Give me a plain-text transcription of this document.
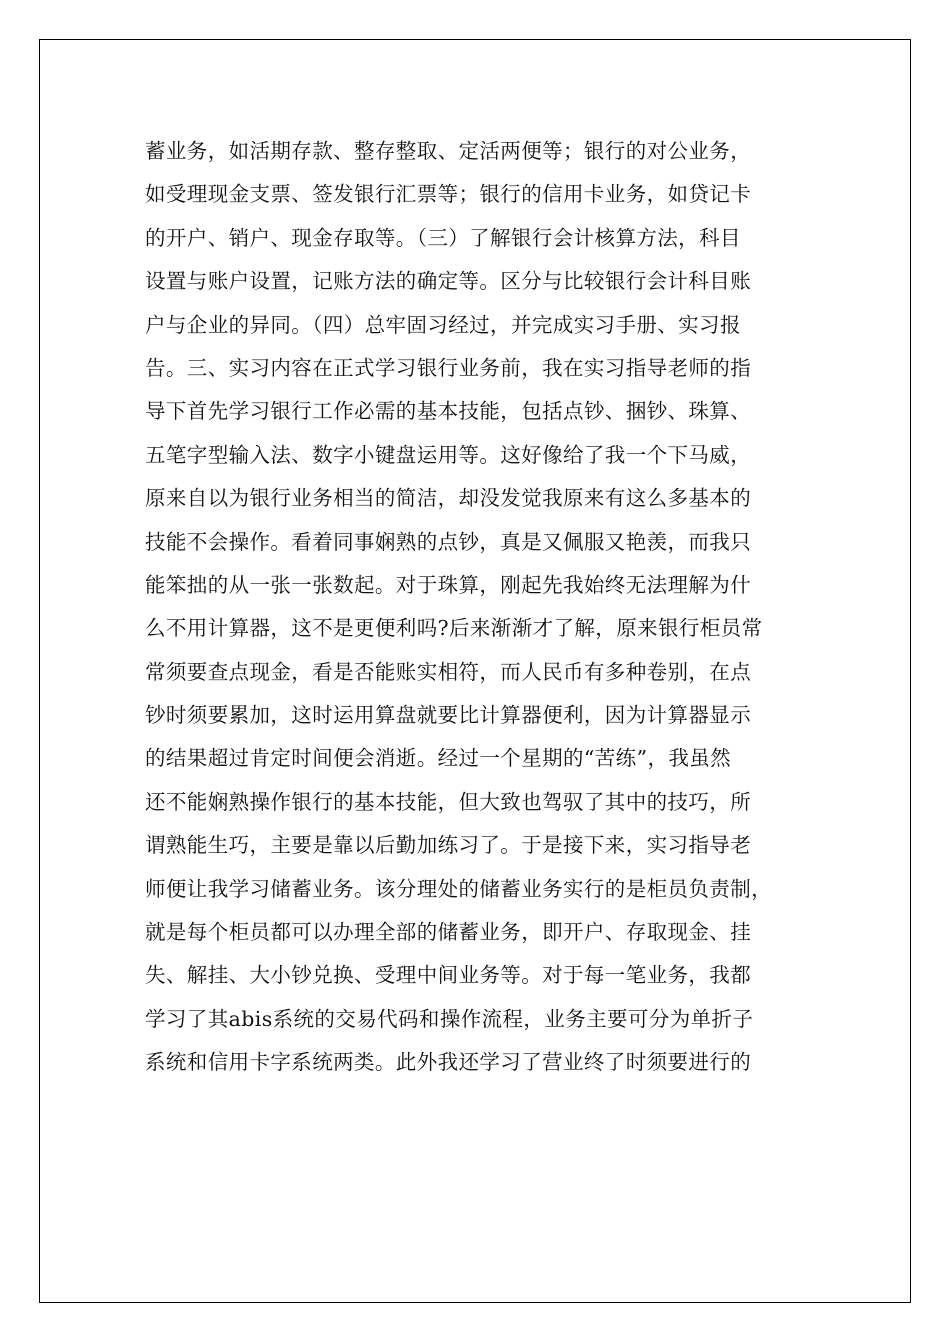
蓄业务，如活期存款、整存整取、定活两便等；银行的对公业务，
如受理现金支票、签发银行汇票等；银行的信用卡业务，如贷记卡
的开户、销户、现金存取等。（三）了解银行会计核算方法，科目
设置与账户设置，记账方法的确定等。区分与比较银行会计科目账
户与企业的异同。（四）总牢固习经过，并完成实习手册、实习报
告。三、实习内容在正式学习银行业务前，我在实习指导老师的指
导下首先学习银行工作必需的基本技能，包括点钞、捆钞、珠算、
五笔字型输入法、数字小键盘运用等。这好像给了我一个下马威，
原来自以为银行业务相当的简洁，却没发觉我原来有这么多基本的
技能不会操作。看着同事娴熟的点钞，真是又佩服又艳羡，而我只
能笨拙的从一张一张数起。对于珠算，刚起先我始终无法理解为什
么不用计算器，这不是更便利吗?后来渐渐才了解，原来银行柜员常
常须要查点现金，看是否能账实相符，而人民币有多种卷别，在点
钞时须要累加，这时运用算盘就要比计算器便利，因为计算器显示
的结果超过肯定时间便会消逝。经过一个星期的“苦练”，我虽然
还不能娴熟操作银行的基本技能，但大致也驾驭了其中的技巧，所
谓熟能生巧，主要是靠以后勤加练习了。于是接下来，实习指导老
师便让我学习储蓄业务。该分理处的储蓄业务实行的是柜员负责制，
就是每个柜员都可以办理全部的储蓄业务，即开户、存取现金、挂
失、解挂、大小钞兑换、受理中间业务等。对于每一笔业务，我都
学习了其abis系统的交易代码和操作流程，业务主要可分为单折子
系统和信用卡字系统两类。此外我还学习了营业终了时须要进行的
